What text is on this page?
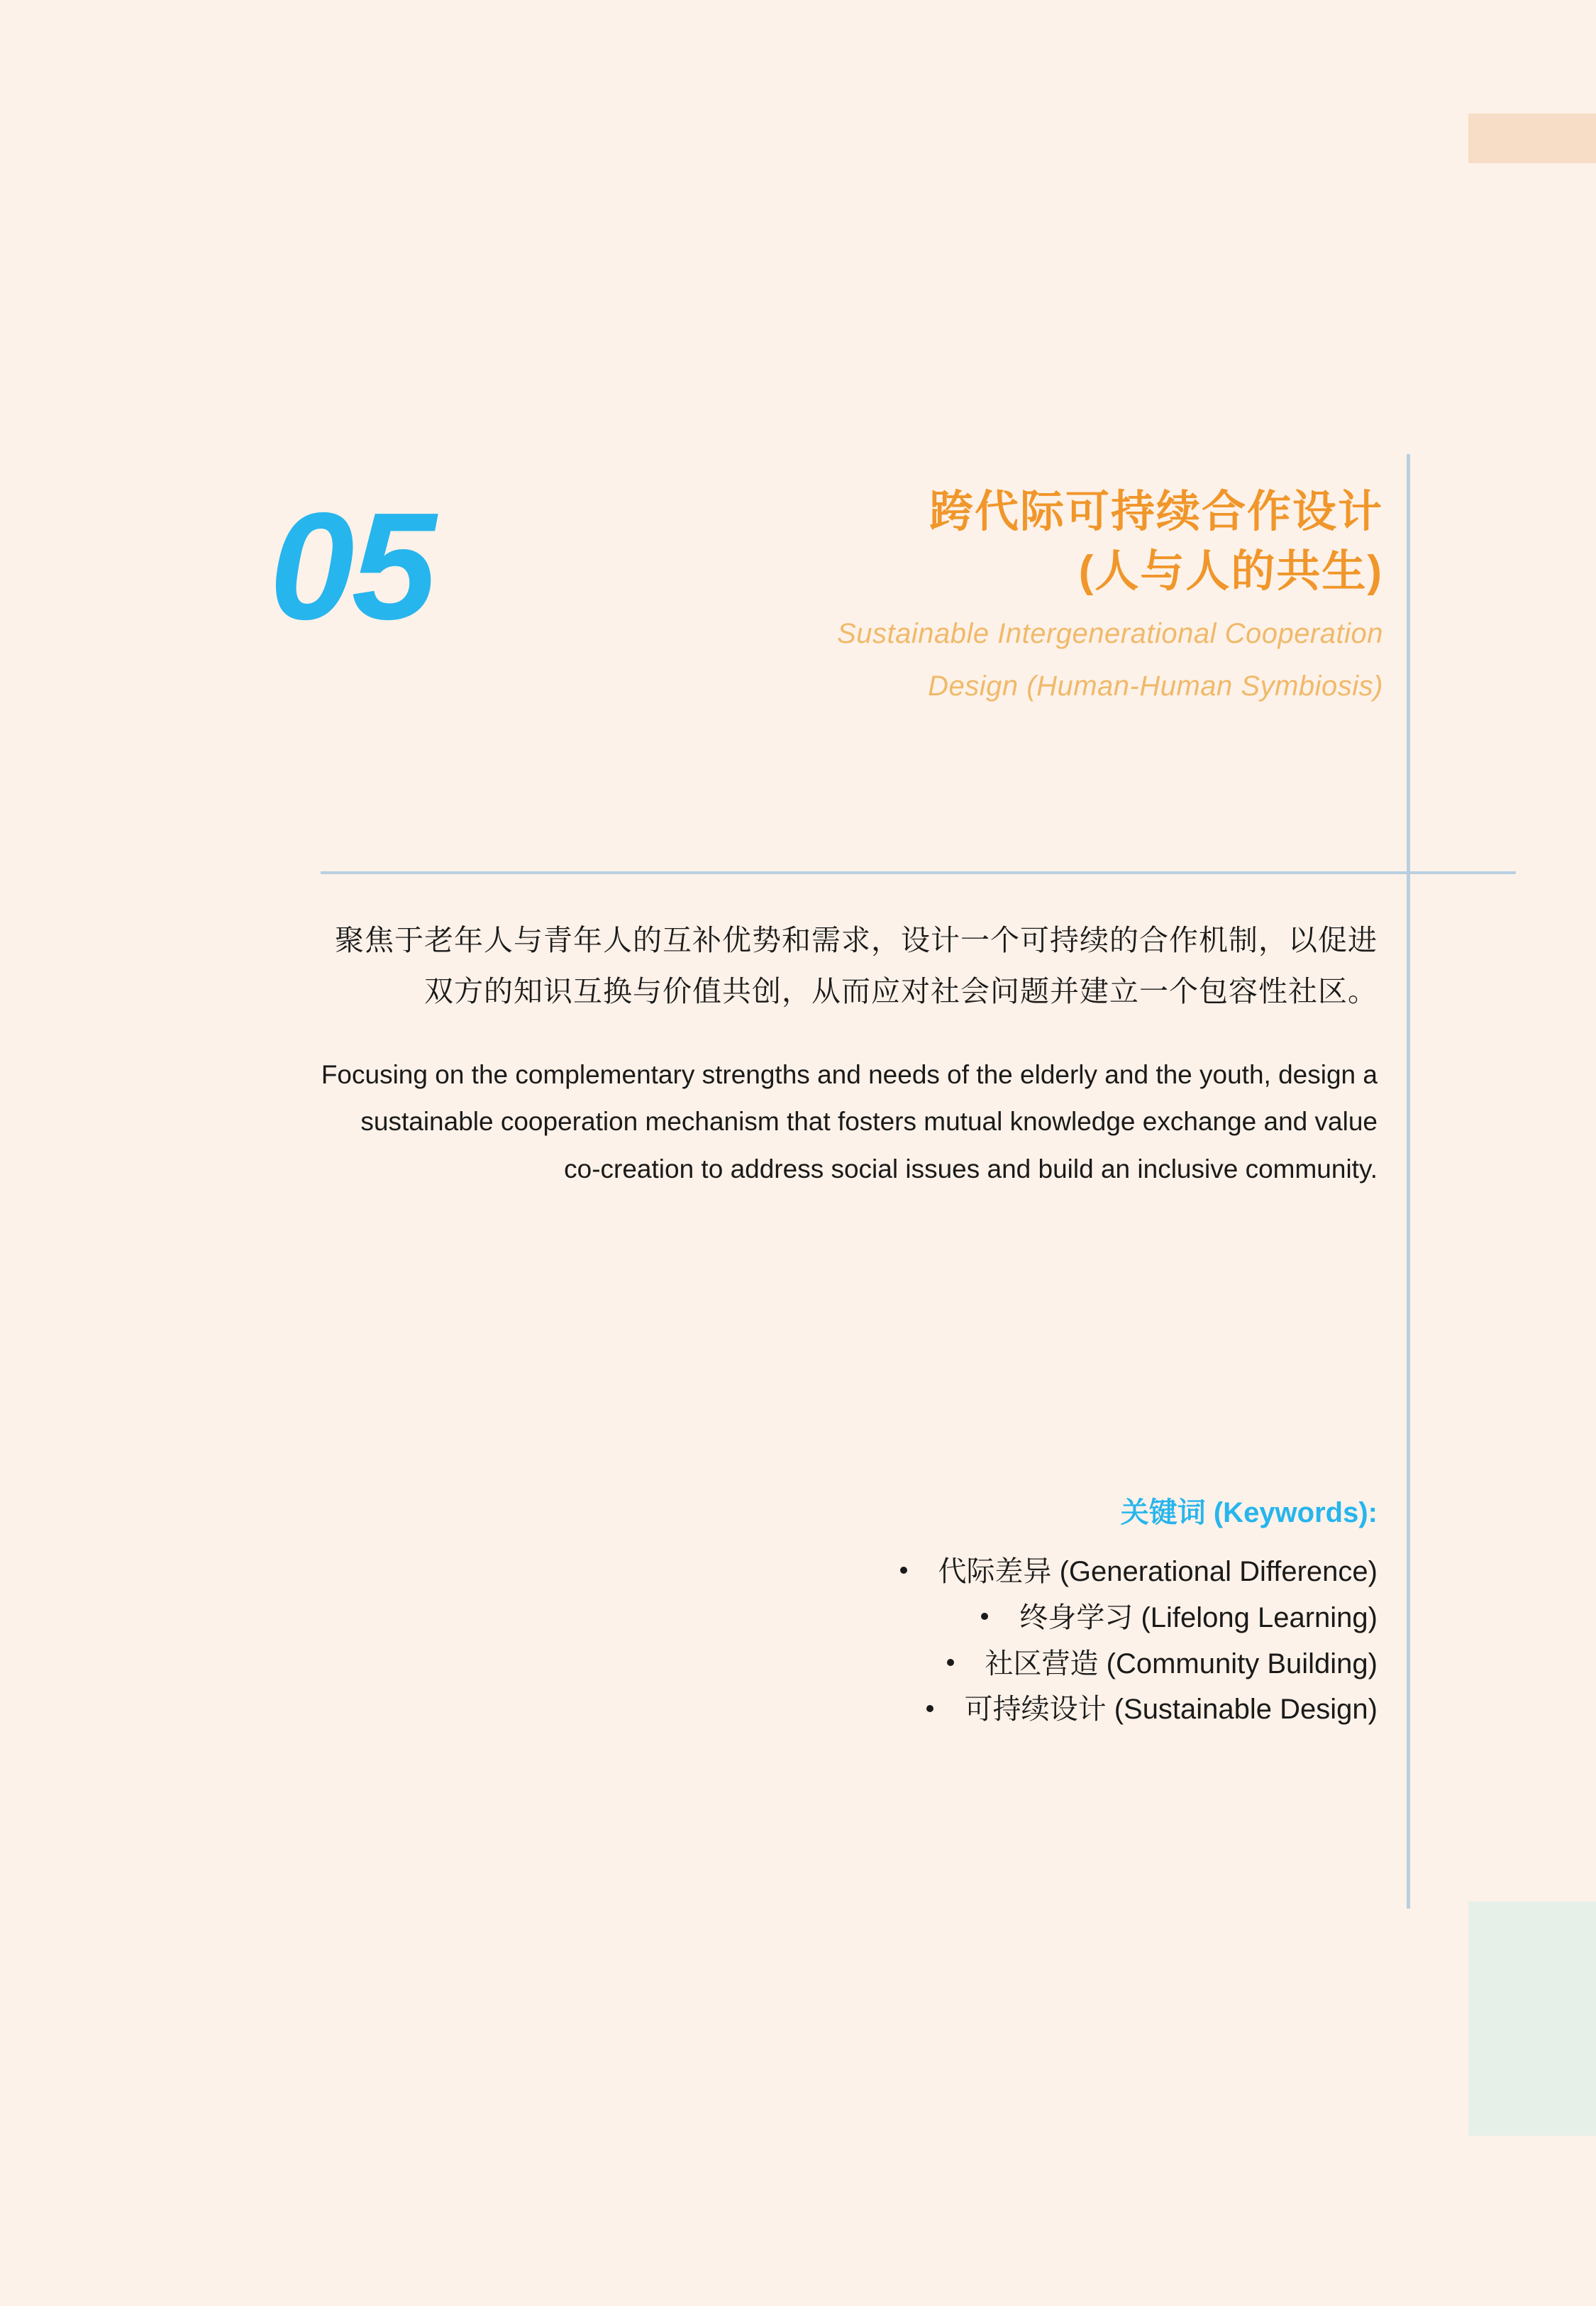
05	跨代际可持续合作设计
(人与人的共生)
Sustainable Intergenerational Cooperation
Design (Human-Human Symbiosis)
聚焦于老年人与青年人的互补优势和需求，设计一个可持续的合作机制，以促进双方的知识互换与价值共创，从而应对社会问题并建立一个包容性社区。
Focusing on the complementary strengths and needs of the elderly and the youth, design a sustainable cooperation mechanism that fosters mutual knowledge exchange and value co-creation to address social issues and build an inclusive community.
关键词 (Keywords):
代际差异 (Generational Difference)
终身学习 (Lifelong Learning)
社区营造 (Community Building)
可持续设计 (Sustainable Design)
